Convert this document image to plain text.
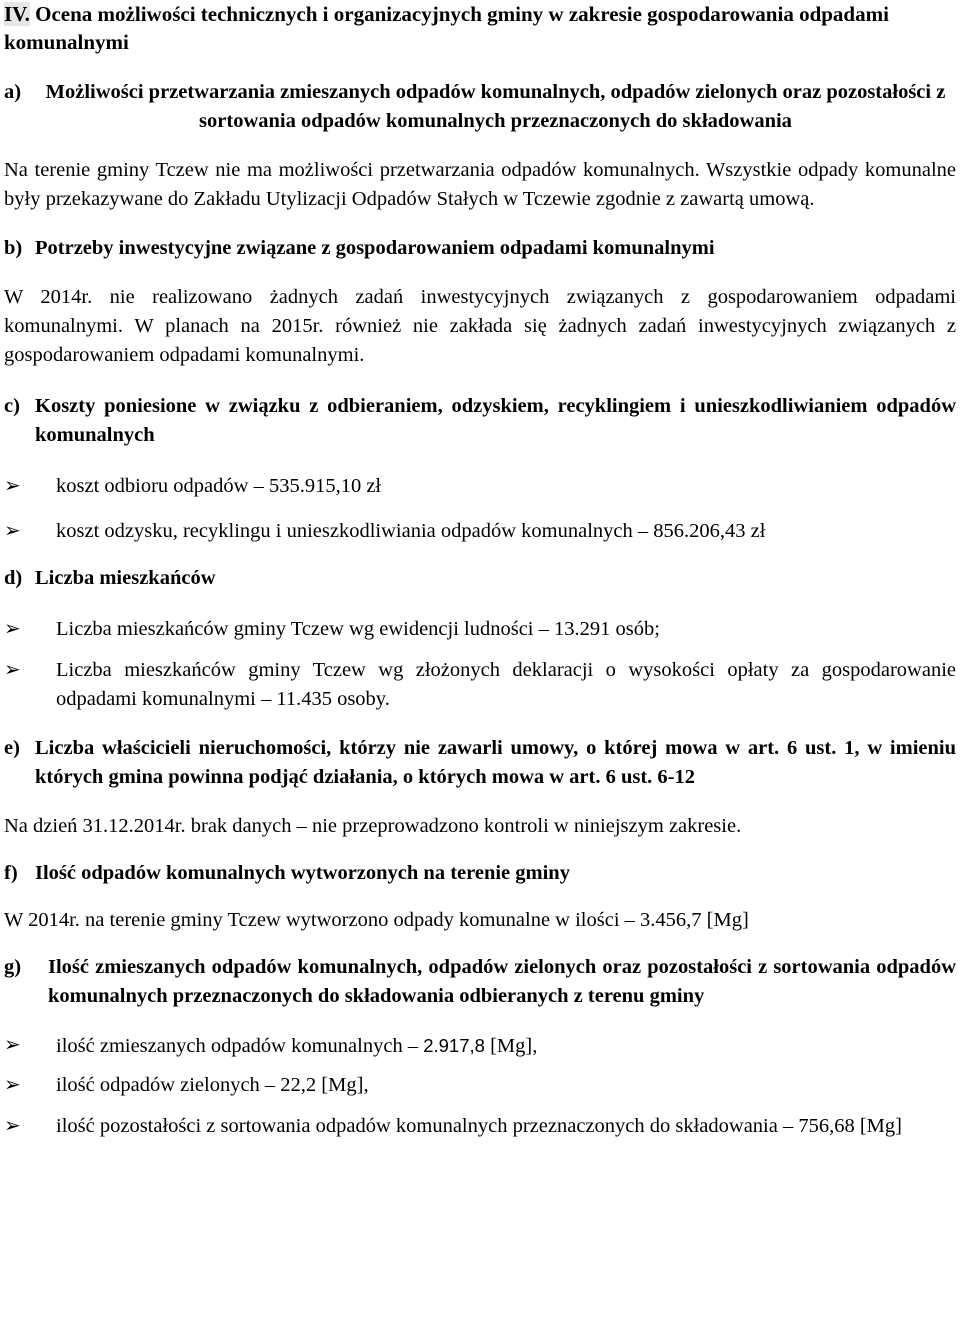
IV. Ocena możliwości technicznych i organizacyjnych gminy w zakresie gospodarowania odpadami komunalnymi

a)	Możliwości przetwarzania zmieszanych odpadów komunalnych, odpadów zielonych oraz pozostałości z sortowania odpadów komunalnych przeznaczonych do składowania

Na terenie gminy Tczew nie ma możliwości przetwarzania odpadów komunalnych. Wszystkie odpady komunalne były przekazywane do Zakładu Utylizacji Odpadów Stałych w Tczewie zgodnie z zawartą umową.

b) Potrzeby inwestycyjne związane z gospodarowaniem odpadami komunalnymi

W 2014r. nie realizowano żadnych zadań inwestycyjnych związanych z gospodarowaniem odpadami komunalnymi. W planach na 2015r. również nie zakłada się żadnych zadań inwestycyjnych związanych z gospodarowaniem odpadami komunalnymi.

c) Koszty poniesione w związku z odbieraniem, odzyskiem, recyklingiem i unieszkodliwianiem odpadów komunalnych
➢	koszt odbioru odpadów – 535.915,10 zł
➢	koszt odzysku, recyklingu i unieszkodliwiania odpadów komunalnych – 856.206,43 zł
d) Liczba mieszkańców
➢	Liczba mieszkańców gminy Tczew wg ewidencji ludności – 13.291 osób;
➢	Liczba mieszkańców gminy Tczew wg złożonych deklaracji o wysokości opłaty za gospodarowanie odpadami komunalnymi – 11.435 osoby.
e) Liczba właścicieli nieruchomości, którzy nie zawarli umowy, o której mowa w art. 6 ust. 1, w imieniu których gmina powinna podjąć działania, o których mowa w art. 6 ust. 6-12

Na dzień 31.12.2014r. brak danych – nie przeprowadzono kontroli w niniejszym zakresie.

f) Ilość odpadów komunalnych wytworzonych na terenie gminy

W 2014r. na terenie gminy Tczew wytworzono odpady komunalne w ilości – 3.456,7 [Mg]

g)	Ilość zmieszanych odpadów komunalnych, odpadów zielonych oraz pozostałości z sortowania odpadów komunalnych przeznaczonych do składowania odbieranych z terenu gminy
➢	ilość zmieszanych odpadów komunalnych – 2.917,8 [Mg],
➢	ilość odpadów zielonych – 22,2 [Mg],
➢	ilość pozostałości z sortowania odpadów komunalnych przeznaczonych do składowania – 756,68 [Mg]
